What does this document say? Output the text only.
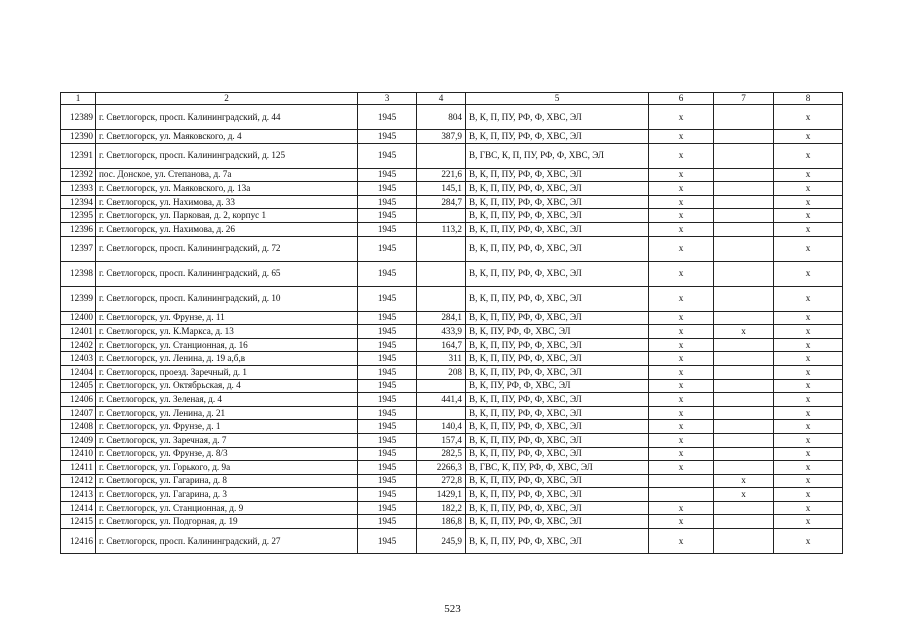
1	2	3	4	5	6	7	8
12389	г. Светлогорск, просп. Калининградский, д. 44	1945	804	В, К, П, ПУ, РФ, Ф, ХВС, ЭЛ	x		x
12390	г. Светлогорск, ул. Маяковского, д. 4	1945	387,9	В, К, П, ПУ, РФ, Ф, ХВС, ЭЛ	x		x
12391	г. Светлогорск, просп. Калининградский, д. 125	1945		В, ГВС, К, П, ПУ, РФ, Ф, ХВС, ЭЛ	x		x
12392	пос. Донское, ул. Степанова, д. 7а	1945	221,6	В, К, П, ПУ, РФ, Ф, ХВС, ЭЛ	x		x
12393	г. Светлогорск, ул. Маяковского, д. 13а	1945	145,1	В, К, П, ПУ, РФ, Ф, ХВС, ЭЛ	x		x
12394	г. Светлогорск, ул. Нахимова, д. 33	1945	284,7	В, К, П, ПУ, РФ, Ф, ХВС, ЭЛ	x		x
12395	г. Светлогорск, ул. Парковая, д. 2, корпус 1	1945		В, К, П, ПУ, РФ, Ф, ХВС, ЭЛ	x		x
12396	г. Светлогорск, ул. Нахимова, д. 26	1945	113,2	В, К, П, ПУ, РФ, Ф, ХВС, ЭЛ	x		x
12397	г. Светлогорск, просп. Калининградский, д. 72	1945		В, К, П, ПУ, РФ, Ф, ХВС, ЭЛ	x		x
12398	г. Светлогорск, просп. Калининградский, д. 65	1945		В, К, П, ПУ, РФ, Ф, ХВС, ЭЛ	x		x
12399	г. Светлогорск, просп. Калининградский, д. 10	1945		В, К, П, ПУ, РФ, Ф, ХВС, ЭЛ	x		x
12400	г. Светлогорск, ул. Фрунзе, д. 11	1945	284,1	В, К, П, ПУ, РФ, Ф, ХВС, ЭЛ	x		x
12401	г. Светлогорск, ул. К.Маркса, д. 13	1945	433,9	В, К, ПУ, РФ, Ф, ХВС, ЭЛ	x	x	x
12402	г. Светлогорск, ул. Станционная, д. 16	1945	164,7	В, К, П, ПУ, РФ, Ф, ХВС, ЭЛ	x		x
12403	г. Светлогорск, ул. Ленина, д. 19 а,б,в	1945	311	В, К, П, ПУ, РФ, Ф, ХВС, ЭЛ	x		x
12404	г. Светлогорск, проезд. Заречный, д. 1	1945	208	В, К, П, ПУ, РФ, Ф, ХВС, ЭЛ	x		x
12405	г. Светлогорск, ул. Октябрьская, д. 4	1945		В, К, ПУ, РФ, Ф, ХВС, ЭЛ	x		x
12406	г. Светлогорск, ул. Зеленая, д. 4	1945	441,4	В, К, П, ПУ, РФ, Ф, ХВС, ЭЛ	x		x
12407	г. Светлогорск, ул. Ленина, д. 21	1945		В, К, П, ПУ, РФ, Ф, ХВС, ЭЛ	x		x
12408	г. Светлогорск, ул. Фрунзе, д. 1	1945	140,4	В, К, П, ПУ, РФ, Ф, ХВС, ЭЛ	x		x
12409	г. Светлогорск, ул. Заречная, д. 7	1945	157,4	В, К, П, ПУ, РФ, Ф, ХВС, ЭЛ	x		x
12410	г. Светлогорск, ул. Фрунзе, д. 8/3	1945	282,5	В, К, П, ПУ, РФ, Ф, ХВС, ЭЛ	x		x
12411	г. Светлогорск, ул. Горького, д. 9а	1945	2266,3	В, ГВС, К, ПУ, РФ, Ф, ХВС, ЭЛ	x		x
12412	г. Светлогорск, ул. Гагарина, д. 8	1945	272,8	В, К, П, ПУ, РФ, Ф, ХВС, ЭЛ		x	x
12413	г. Светлогорск, ул. Гагарина, д. 3	1945	1429,1	В, К, П, ПУ, РФ, Ф, ХВС, ЭЛ		x	x
12414	г. Светлогорск, ул. Станционная, д. 9	1945	182,2	В, К, П, ПУ, РФ, Ф, ХВС, ЭЛ	x		x
12415	г. Светлогорск, ул. Подгорная, д. 19	1945	186,8	В, К, П, ПУ, РФ, Ф, ХВС, ЭЛ	x		x
12416	г. Светлогорск, просп. Калининградский, д. 27	1945	245,9	В, К, П, ПУ, РФ, Ф, ХВС, ЭЛ	x		x
523
